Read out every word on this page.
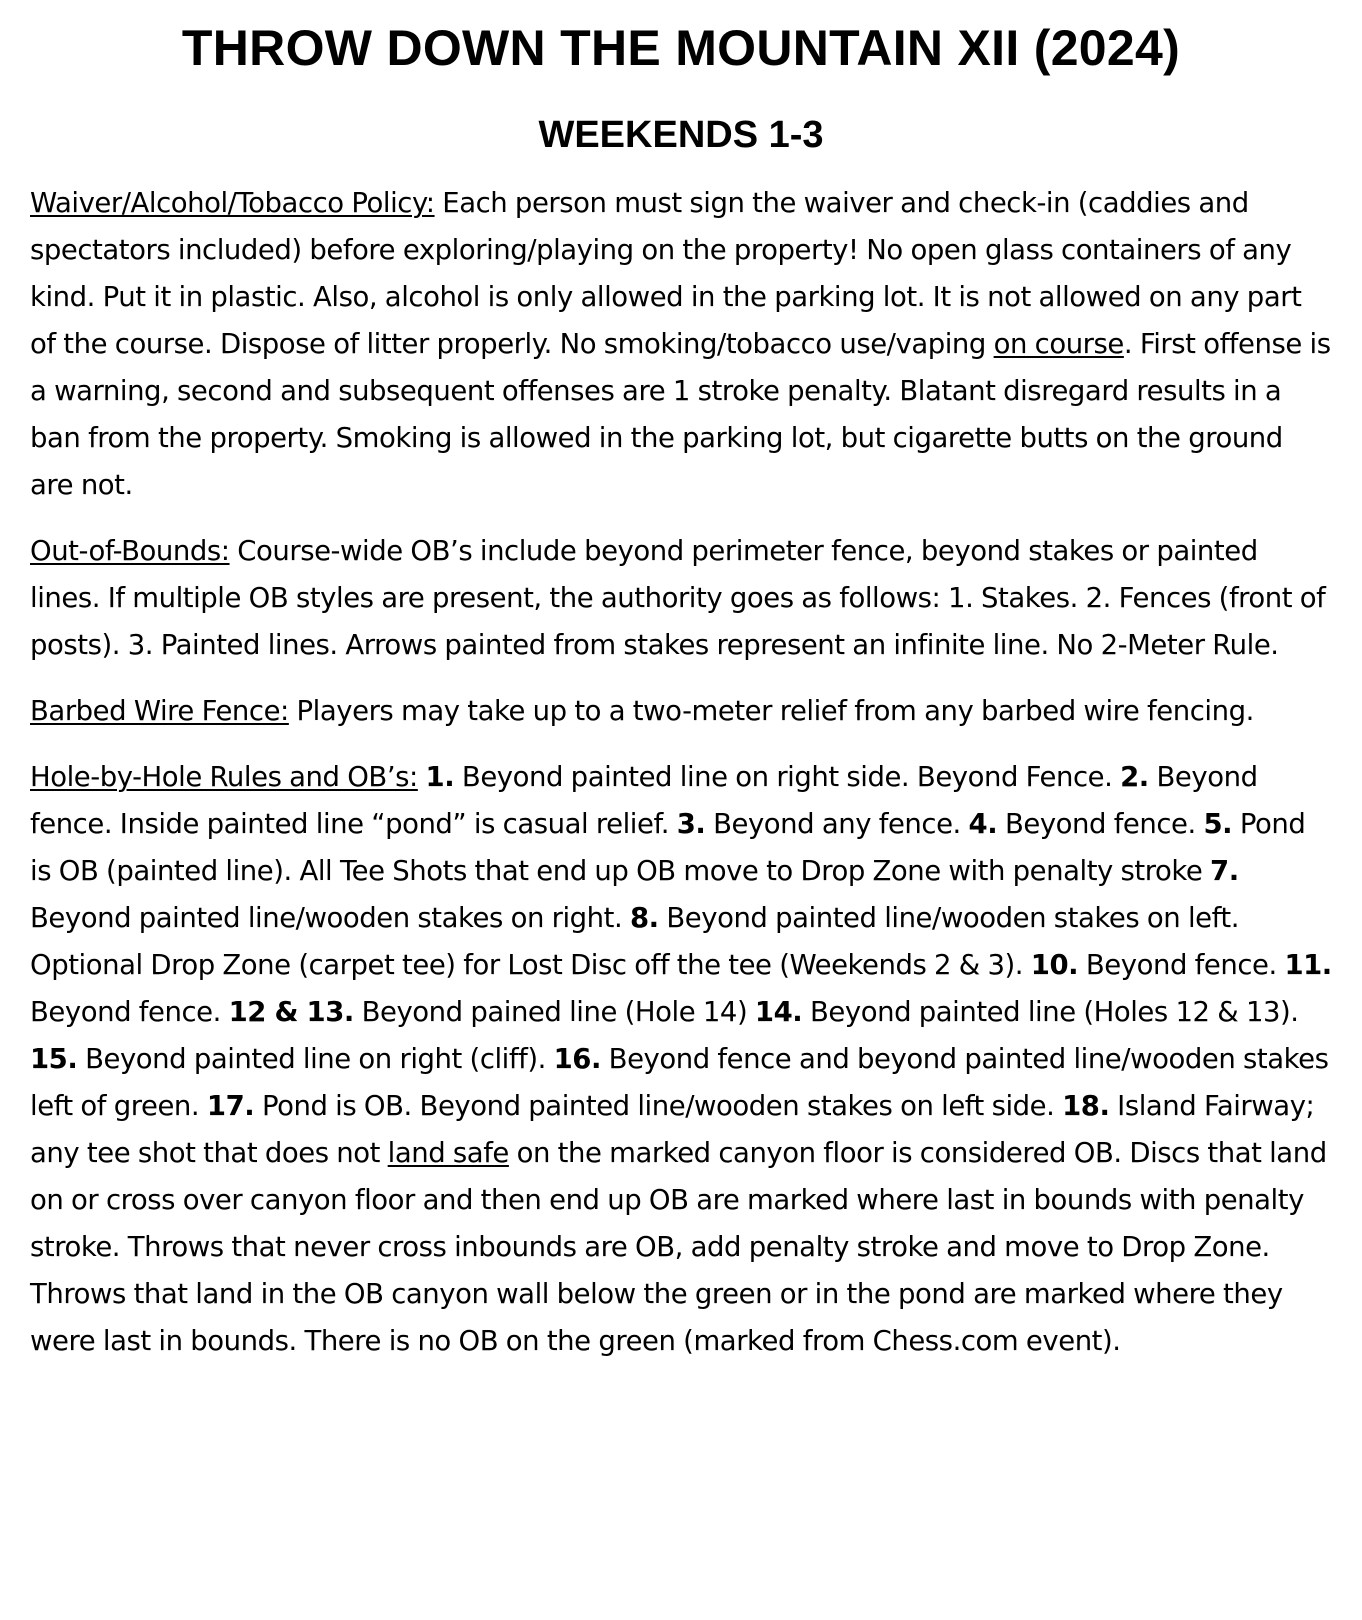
THROW DOWN THE MOUNTAIN XII (2024)
WEEKENDS 1-3

Waiver/Alcohol/Tobacco Policy: Each person must sign the waiver and check-in (caddies and spectators included) before exploring/playing on the property! No open glass containers of any kind. Put it in plastic. Also, alcohol is only allowed in the parking lot. It is not allowed on any part of the course. Dispose of litter properly. No smoking/tobacco use/vaping on course. First offense is a warning, second and subsequent offenses are 1 stroke penalty. Blatant disregard results in a ban from the property. Smoking is allowed in the parking lot, but cigarette butts on the ground are not.

Out-of-Bounds: Course-wide OB’s include beyond perimeter fence, beyond stakes or painted lines. If multiple OB styles are present, the authority goes as follows: 1. Stakes. 2. Fences (front of posts). 3. Painted lines. Arrows painted from stakes represent an infinite line. No 2-Meter Rule.

Barbed Wire Fence: Players may take up to a two-meter relief from any barbed wire fencing.

Hole-by-Hole Rules and OB’s: 1. Beyond painted line on right side. Beyond Fence. 2. Beyond fence. Inside painted line “pond” is casual relief. 3. Beyond any fence. 4. Beyond fence. 5. Pond is OB (painted line). All Tee Shots that end up OB move to Drop Zone with penalty stroke 7. Beyond painted line/wooden stakes on right. 8. Beyond painted line/wooden stakes on left. Optional Drop Zone (carpet tee) for Lost Disc off the tee (Weekends 2 & 3). 10. Beyond fence. 11. Beyond fence. 12 & 13. Beyond pained line (Hole 14) 14. Beyond painted line (Holes 12 & 13). 15. Beyond painted line on right (cliff). 16. Beyond fence and beyond painted line/wooden stakes left of green. 17. Pond is OB. Beyond painted line/wooden stakes on left side. 18. Island Fairway; any tee shot that does not land safe on the marked canyon floor is considered OB. Discs that land on or cross over canyon floor and then end up OB are marked where last in bounds with penalty stroke. Throws that never cross inbounds are OB, add penalty stroke and move to Drop Zone. Throws that land in the OB canyon wall below the green or in the pond are marked where they were last in bounds. There is no OB on the green (marked from Chess.com event).
